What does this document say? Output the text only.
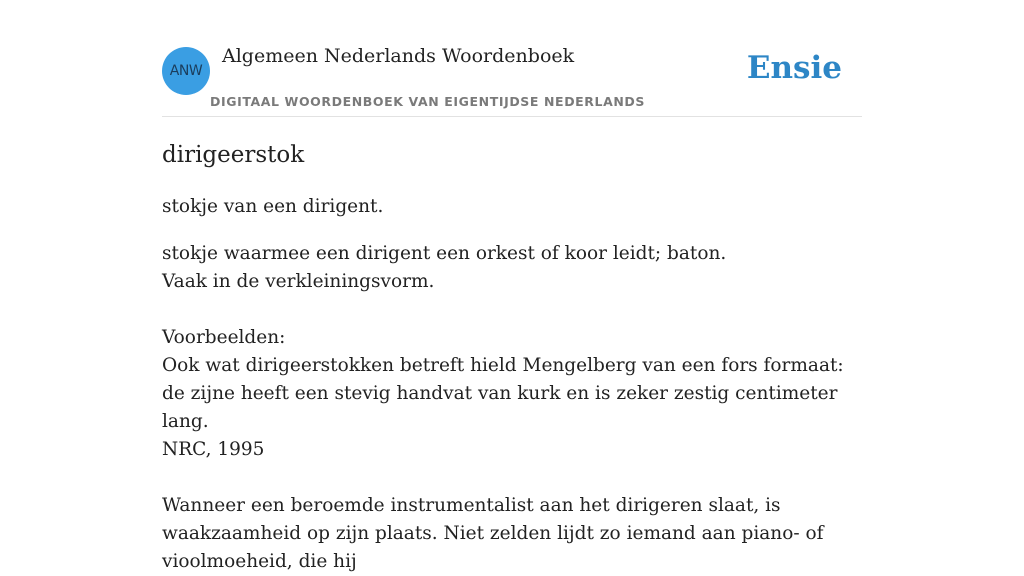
ANW
Algemeen Nederlands Woordenboek
DIGITAAL WOORDENBOEK VAN EIGENTIJDSE NEDERLANDS
Ensie
dirigeerstok

stokje van een dirigent.

stokje waarmee een dirigent een orkest of koor leidt; baton.
Vaak in de verkleiningsvorm.

Voorbeelden:
Ook wat dirigeerstokken betreft hield Mengelberg van een fors formaat: de zijne heeft een stevig handvat van kurk en is zeker zestig centimeter lang.
NRC, 1995

Wanneer een beroemde instrumentalist aan het dirigeren slaat, is waakzaamheid op zijn plaats. Niet zelden lijdt zo iemand aan piano- of vioolmoeheid, die hij
